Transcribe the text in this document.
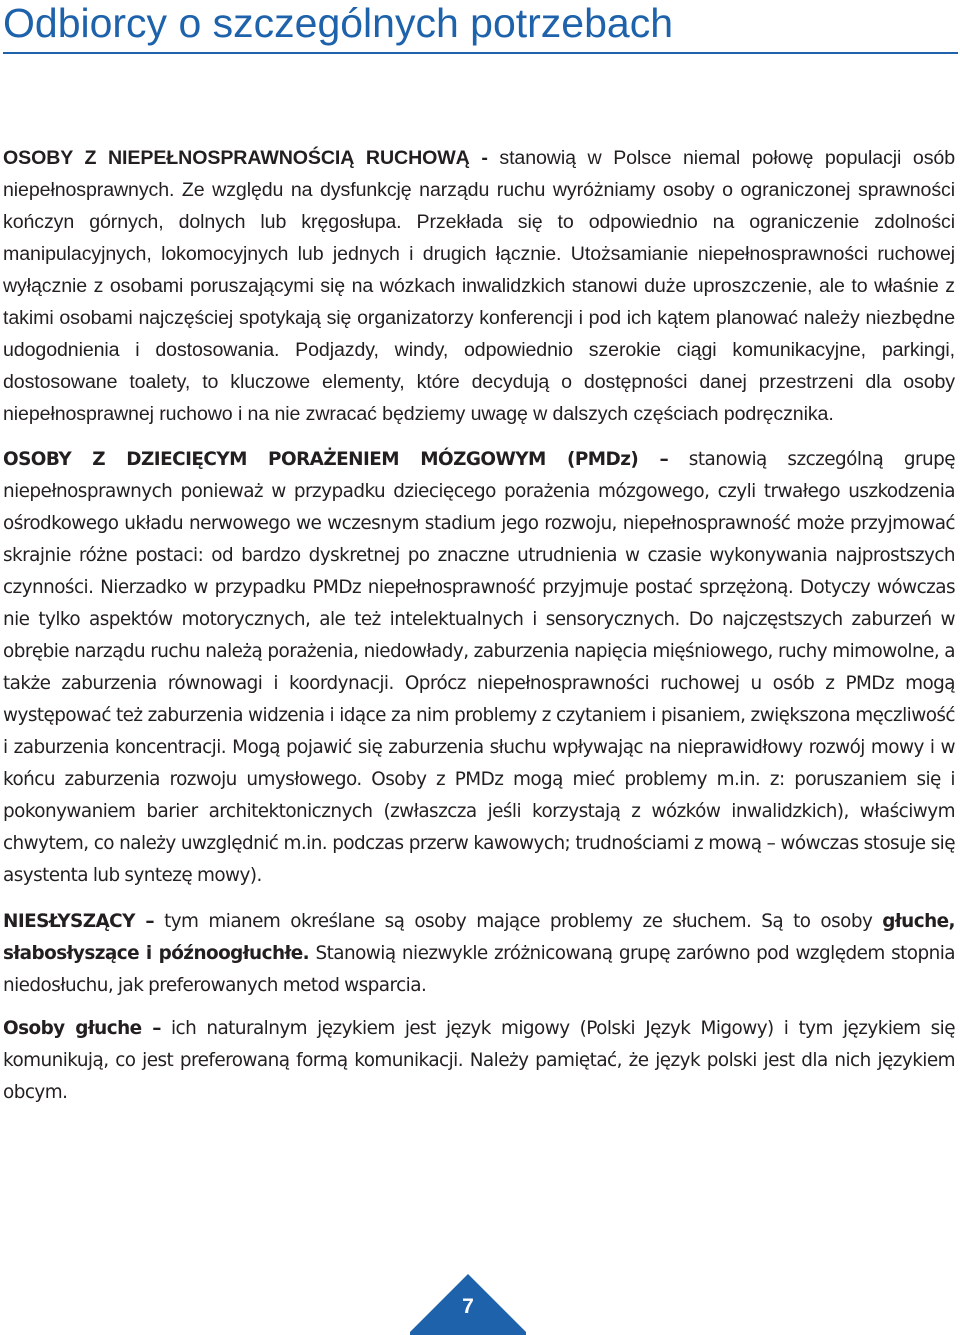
Odbiorcy o szczególnych potrzebach

OSOBY Z NIEPEŁNOSPRAWNOŚCIĄ RUCHOWĄ - stanowią w Polsce niemal połowę populacji osób niepełnosprawnych. Ze względu na dysfunkcję narządu ruchu wyróżniamy osoby o ograniczonej sprawności kończyn górnych, dolnych lub kręgosłupa. Przekłada się to odpowiednio na ograniczenie zdolności manipulacyjnych, lokomocyjnych lub jednych i drugich łącznie. Utożsamianie niepełnosprawności ruchowej wyłącznie z osobami poruszającymi się na wózkach inwalidzkich stanowi duże uproszczenie, ale to właśnie z takimi osobami najczęściej spotykają się organizatorzy konferencji i pod ich kątem planować należy niezbędne udogodnienia i dostosowania. Podjazdy, windy, odpowiednio szerokie ciągi komunikacyjne, parkingi, dostosowane toalety, to kluczowe elementy, które decydują o dostępności danej przestrzeni dla osoby niepełnosprawnej ruchowo i na nie zwracać będziemy uwagę w dalszych częściach podręcznika.

OSOBY Z DZIECIĘCYM PORAŻENIEM MÓZGOWYM (PMDz) – stanowią szczególną grupę niepełnosprawnych ponieważ w przypadku dziecięcego porażenia mózgowego, czyli trwałego uszkodzenia ośrodkowego układu nerwowego we wczesnym stadium jego rozwoju, niepełnosprawność może przyjmować skrajnie różne postaci: od bardzo dyskretnej po znaczne utrudnienia w czasie wykonywania najprostszych czynności. Nierzadko w przypadku PMDz niepełnosprawność przyjmuje postać sprzężoną. Dotyczy wówczas nie tylko aspektów motorycznych, ale też intelektualnych i sensorycznych. Do najczęstszych zaburzeń w obrębie narządu ruchu należą porażenia, niedowłady, zaburzenia napięcia mięśniowego, ruchy mimowolne, a także zaburzenia równowagi i koordynacji. Oprócz niepełnosprawności ruchowej u osób z PMDz mogą występować też zaburzenia widzenia i idące za nim problemy z czytaniem i pisaniem, zwiększona męczliwość i zaburzenia koncentracji. Mogą pojawić się zaburzenia słuchu wpływając na nieprawidłowy rozwój mowy i w końcu zaburzenia rozwoju umysłowego. Osoby z PMDz mogą mieć problemy m.in. z: poruszaniem się i pokonywaniem barier architektonicznych (zwłaszcza jeśli korzystają z wózków inwalidzkich), właściwym chwytem, co należy uwzględnić m.in. podczas przerw kawowych; trudnościami z mową – wówczas stosuje się asystenta lub syntezę mowy).

NIESŁYSZĄCY – tym mianem określane są osoby mające problemy ze słuchem. Są to osoby głuche, słabosłyszące i późnoogłuchłe. Stanowią niezwykle zróżnicowaną grupę zarówno pod względem stopnia niedosłuchu, jak preferowanych metod wsparcia.

Osoby głuche – ich naturalnym językiem jest język migowy (Polski Język Migowy) i tym językiem się komunikują, co jest preferowaną formą komunikacji. Należy pamiętać, że język polski jest dla nich językiem obcym.

7
